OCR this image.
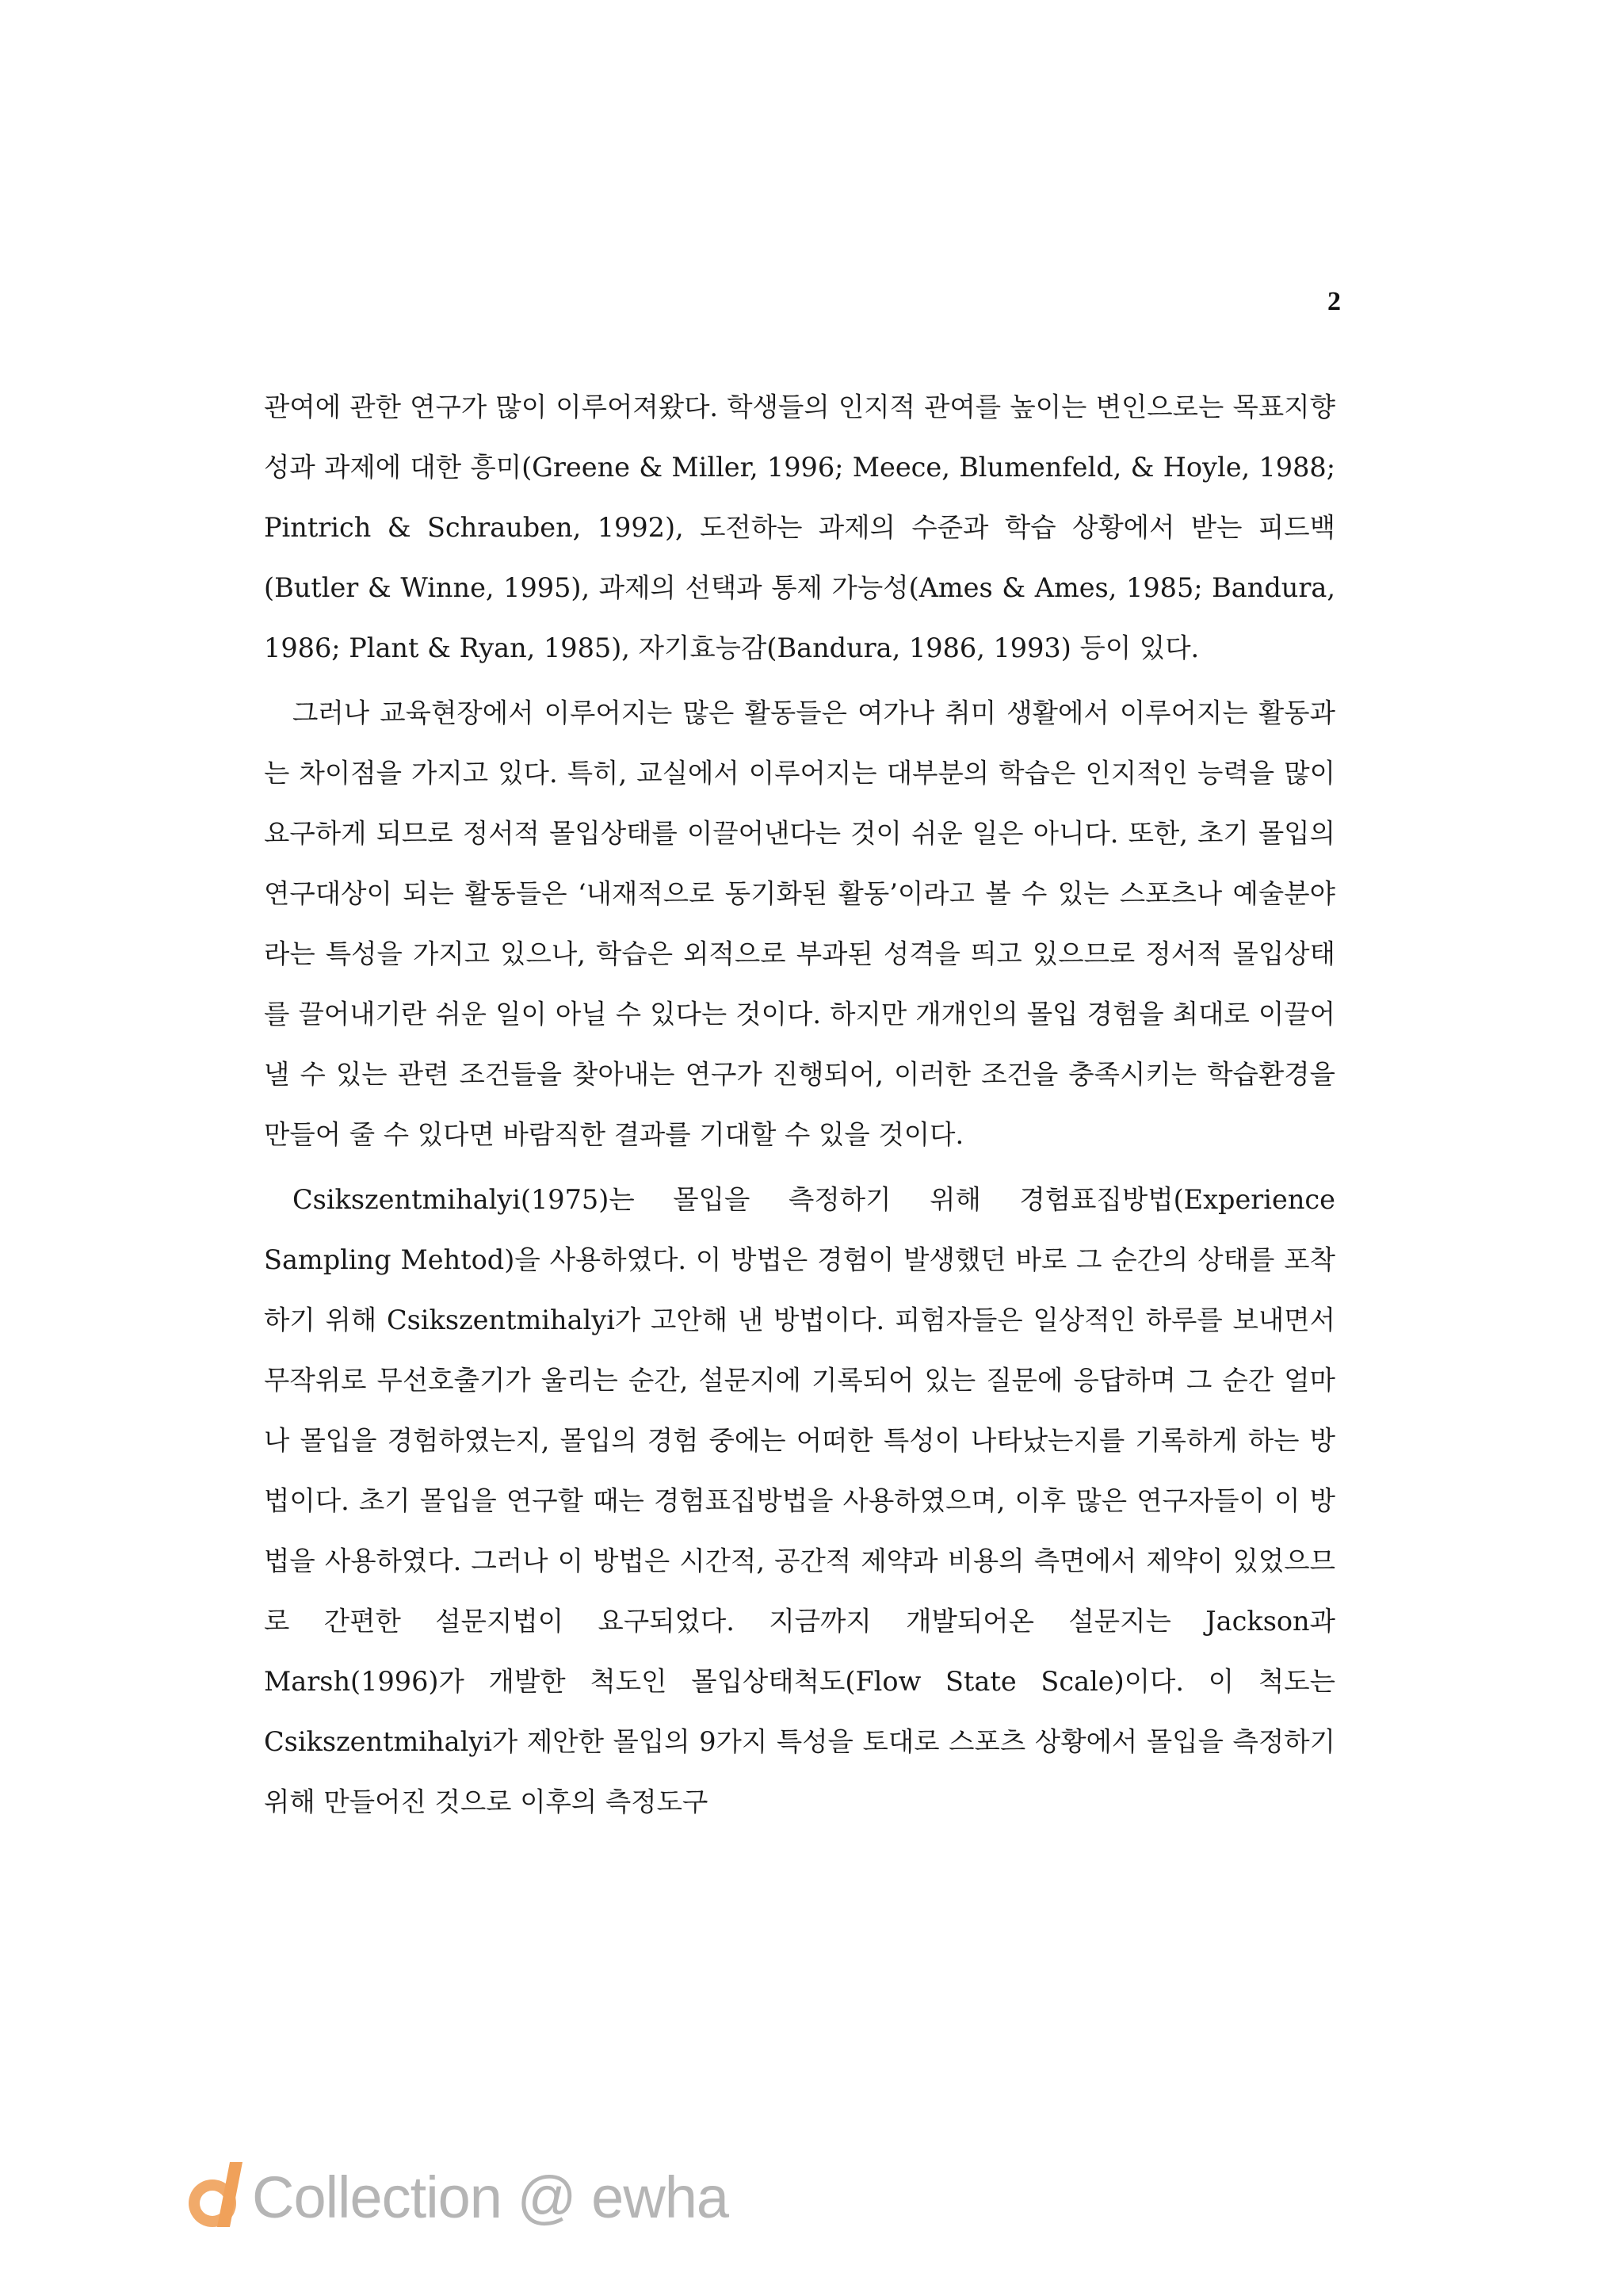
2

관여에 관한 연구가 많이 이루어져왔다. 학생들의 인지적 관여를 높이는 변인으로는 목표지향성과 과제에 대한 흥미(Greene & Miller, 1996; Meece, Blumenfeld, & Hoyle, 1988; Pintrich & Schrauben, 1992), 도전하는 과제의 수준과 학습 상황에서 받는 피드백(Butler & Winne, 1995), 과제의 선택과 통제 가능성(Ames & Ames, 1985; Bandura, 1986; Plant & Ryan, 1985), 자기효능감(Bandura, 1986, 1993) 등이 있다.

그러나 교육현장에서 이루어지는 많은 활동들은 여가나 취미 생활에서 이루어지는 활동과는 차이점을 가지고 있다. 특히, 교실에서 이루어지는 대부분의 학습은 인지적인 능력을 많이 요구하게 되므로 정서적 몰입상태를 이끌어낸다는 것이 쉬운 일은 아니다. 또한, 초기 몰입의 연구대상이 되는 활동들은 ‘내재적으로 동기화된 활동’이라고 볼 수 있는 스포츠나 예술분야라는 특성을 가지고 있으나, 학습은 외적으로 부과된 성격을 띄고 있으므로 정서적 몰입상태를 끌어내기란 쉬운 일이 아닐 수 있다는 것이다. 하지만 개개인의 몰입 경험을 최대로 이끌어 낼 수 있는 관련 조건들을 찾아내는 연구가 진행되어, 이러한 조건을 충족시키는 학습환경을 만들어 줄 수 있다면 바람직한 결과를 기대할 수 있을 것이다.

Csikszentmihalyi(1975)는 몰입을 측정하기 위해 경험표집방법(Experience Sampling Mehtod)을 사용하였다. 이 방법은 경험이 발생했던 바로 그 순간의 상태를 포착하기 위해 Csikszentmihalyi가 고안해 낸 방법이다. 피험자들은 일상적인 하루를 보내면서 무작위로 무선호출기가 울리는 순간, 설문지에 기록되어 있는 질문에 응답하며 그 순간 얼마나 몰입을 경험하였는지, 몰입의 경험 중에는 어떠한 특성이 나타났는지를 기록하게 하는 방법이다. 초기 몰입을 연구할 때는 경험표집방법을 사용하였으며, 이후 많은 연구자들이 이 방법을 사용하였다. 그러나 이 방법은 시간적, 공간적 제약과 비용의 측면에서 제약이 있었으므로 간편한 설문지법이 요구되었다. 지금까지 개발되어온 설문지는 Jackson과 Marsh(1996)가 개발한 척도인 몰입상태척도(Flow State Scale)이다. 이 척도는 Csikszentmihalyi가 제안한 몰입의 9가지 특성을 토대로 스포츠 상황에서 몰입을 측정하기 위해 만들어진 것으로 이후의 측정도구

Collection @ ewha
